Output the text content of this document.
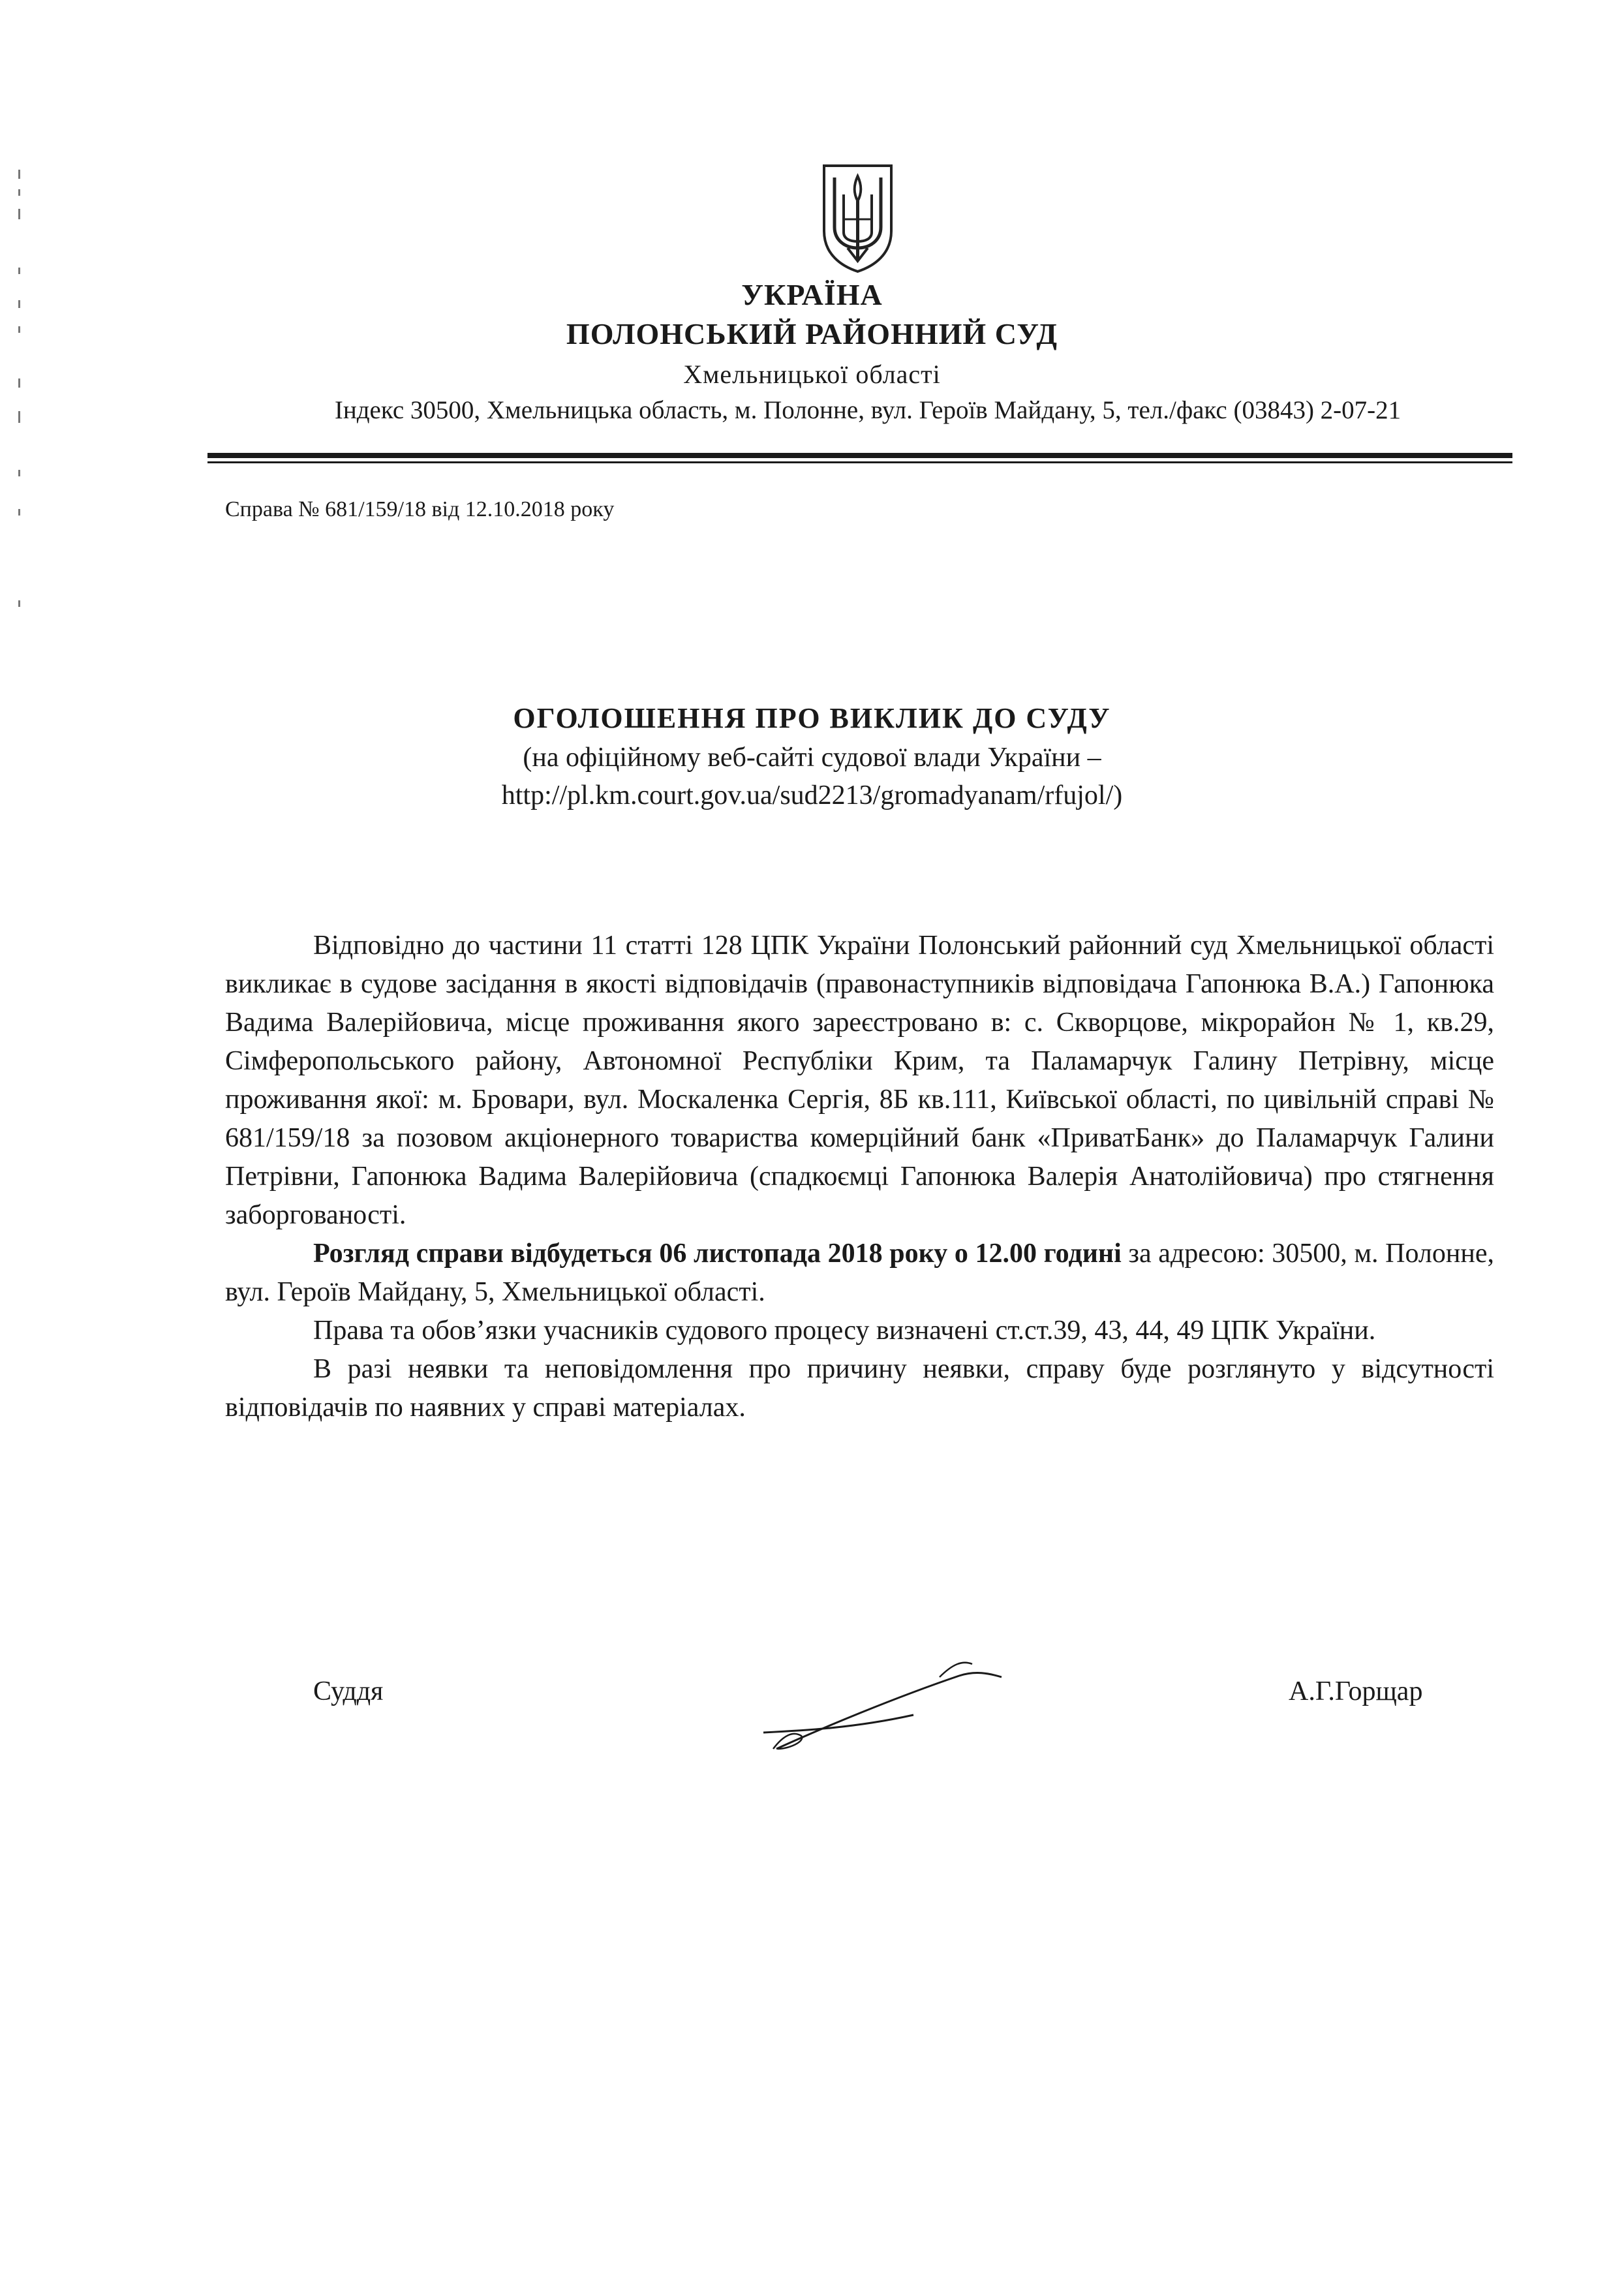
УКРАЇНА
ПОЛОНСЬКИЙ РАЙОННИЙ СУД
Хмельницької області
Індекс 30500, Хмельницька область, м. Полонне, вул. Героїв Майдану, 5, тел./факс (03843) 2-07-21
Справа № 681/159/18 від 12.10.2018 року
ОГОЛОШЕННЯ ПРО ВИКЛИК ДО СУДУ
(на офіційному веб-сайті судової влади України –
http://pl.km.court.gov.ua/sud2213/gromadyanam/rfujol/)

Відповідно до частини 11 статті 128 ЦПК України Полонський районний суд Хмельницької області викликає в судове засідання в якості відповідачів (правонаступників відповідача Гапонюка В.А.) Гапонюка Вадима Валерійовича, місце проживання якого зареєстровано в: с. Скворцове, мікрорайон № 1, кв.29, Сімферопольського району, Автономної Республіки Крим, та Паламарчук Галину Петрівну, місце проживання якої: м. Бровари, вул. Москаленка Сергія, 8Б кв.111, Київської області, по цивільній справі № 681/159/18 за позовом акціонерного товариства комерційний банк «ПриватБанк» до Паламарчук Галини Петрівни, Гапонюка Вадима Валерійовича (спадкоємці Гапонюка Валерія Анатолійовича) про стягнення заборгованості.

Розгляд справи відбудеться 06 листопада 2018 року о 12.00 годині за адресою: 30500, м. Полонне, вул. Героїв Майдану, 5, Хмельницької області.

Права та обов’язки учасників судового процесу визначені ст.ст.39, 43, 44, 49 ЦПК України.

В разі неявки та неповідомлення про причину неявки, справу буде розглянуто у відсутності відповідачів по наявних у справі матеріалах.

Суддя	А.Г.Горщар
